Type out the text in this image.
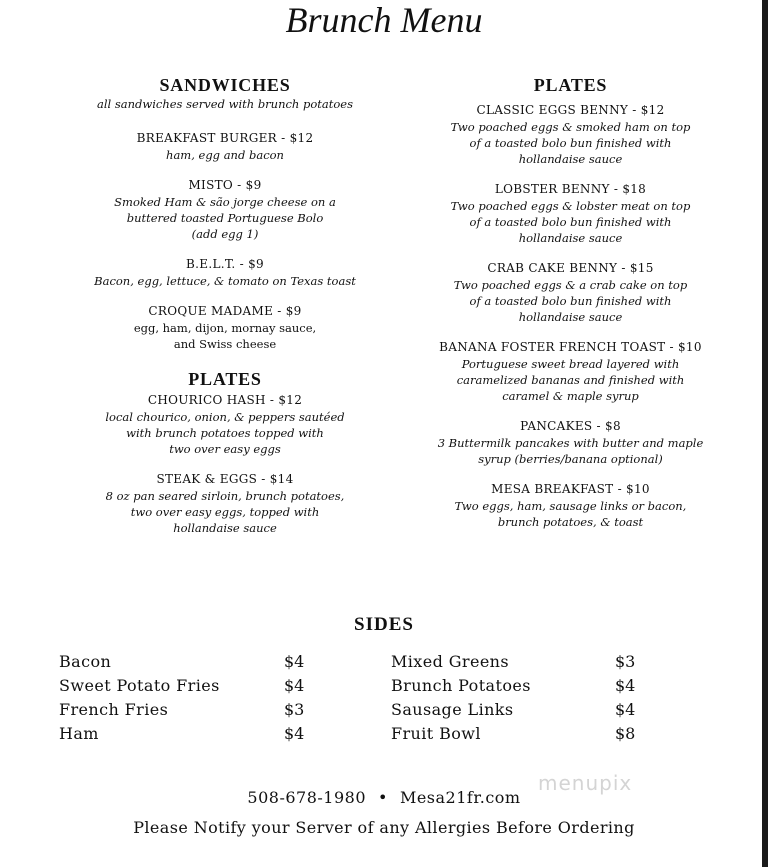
Brunch Menu
SANDWICHES

all sandwiches served with brunch potatoes

BREAKFAST BURGER - $12
ham, egg and bacon
MISTO - $9
Smoked Ham & são jorge cheese on a
buttered toasted Portuguese Bolo
(add egg 1)
B.E.L.T. - $9
Bacon, egg, lettuce, & tomato on Texas toast
CROQUE MADAME - $9
egg, ham, dijon, mornay sauce,
and Swiss cheese
PLATES
CHOURICO HASH - $12
local chourico, onion, & peppers sautéed
with brunch potatoes topped with
two over easy eggs
STEAK & EGGS - $14
8 oz pan seared sirloin, brunch potatoes,
two over easy eggs, topped with
hollandaise sauce
PLATES
CLASSIC EGGS BENNY - $12
Two poached eggs & smoked ham on top
of a toasted bolo bun finished with
hollandaise sauce
LOBSTER BENNY - $18
Two poached eggs & lobster meat on top
of a toasted bolo bun finished with
hollandaise sauce
CRAB CAKE BENNY - $15
Two poached eggs & a crab cake on top
of a toasted bolo bun finished with
hollandaise sauce
BANANA FOSTER FRENCH TOAST - $10
Portuguese sweet bread layered with
caramelized bananas and finished with
caramel & maple syrup
PANCAKES - $8
3 Buttermilk pancakes with butter and maple
syrup (berries/banana optional)
MESA BREAKFAST - $10
Two eggs, ham, sausage links or bacon,
brunch potatoes, & toast
SIDES
Bacon	$4
Sweet Potato Fries	$4
French Fries	$3
Ham	$4
Mixed Greens	$3
Brunch Potatoes	$4
Sausage Links	$4
Fruit Bowl	$8
menupix
508-678-1980 • Mesa21fr.com
Please Notify your Server of any Allergies Before Ordering
